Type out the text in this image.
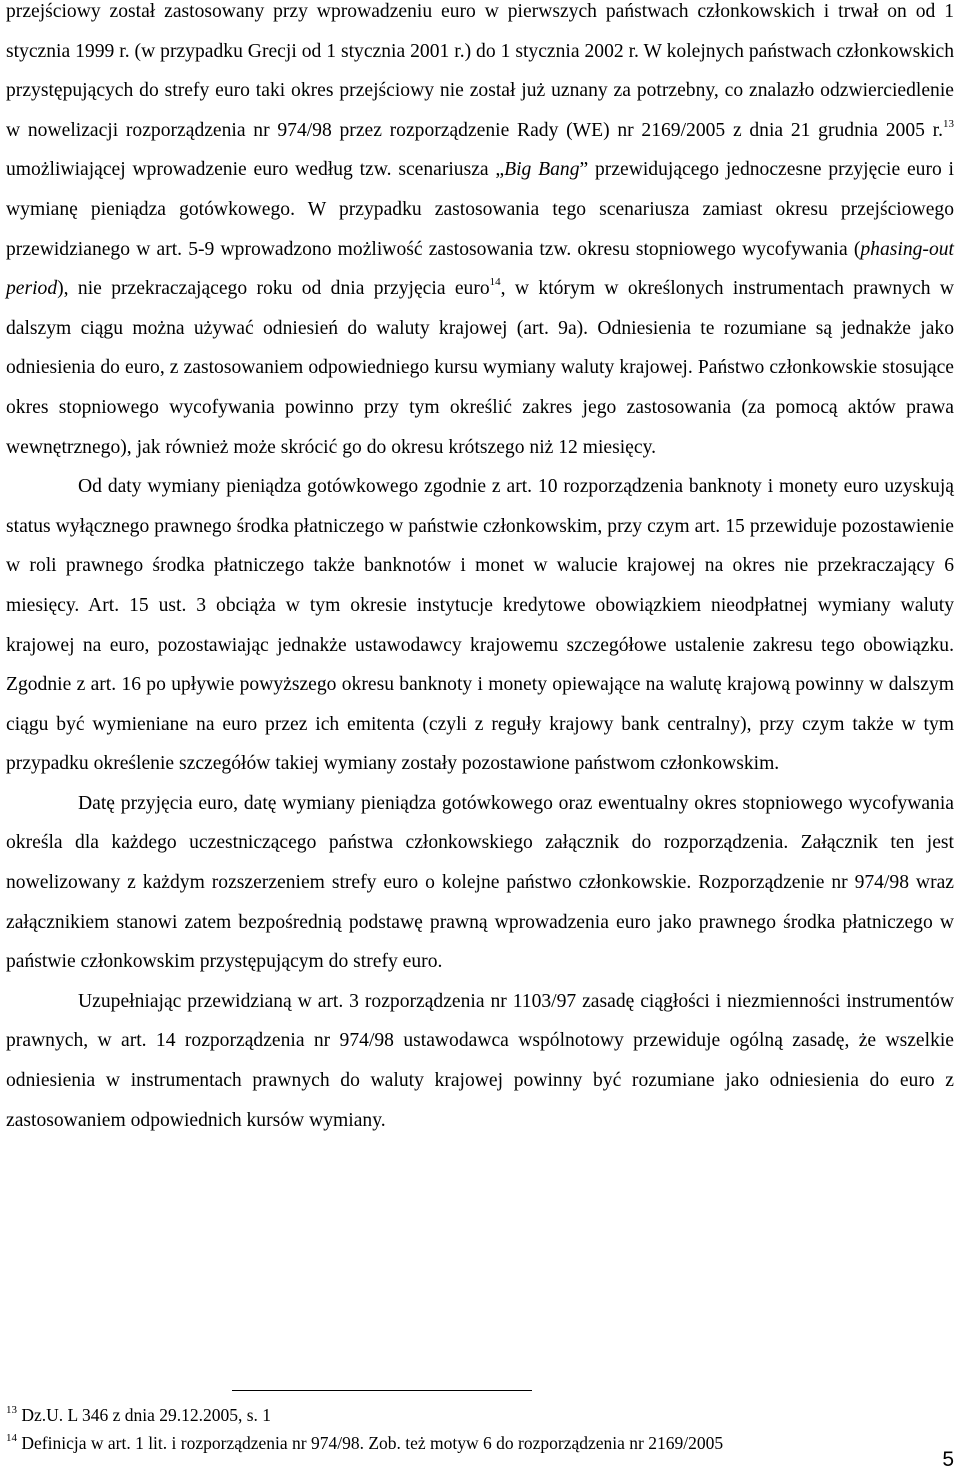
przejściowy został zastosowany przy wprowadzeniu euro w pierwszych państwach członkowskich i trwał on od 1 stycznia 1999 r. (w przypadku Grecji od 1 stycznia 2001 r.) do 1 stycznia 2002 r. W kolejnych państwach członkowskich przystępujących do strefy euro taki okres przejściowy nie został już uznany za potrzebny, co znalazło odzwierciedlenie w nowelizacji rozporządzenia nr 974/98 przez rozporządzenie Rady (WE) nr 2169/2005 z dnia 21 grudnia 2005 r.$^{13}$ umożliwiającej wprowadzenie euro według tzw. scenariusza „Big Bang” przewidującego jednoczesne przyjęcie euro i wymianę pieniądza gotówkowego. W przypadku zastosowania tego scenariusza zamiast okresu przejściowego przewidzianego w art. 5-9 wprowadzono możliwość zastosowania tzw. okresu stopniowego wycofywania (phasing-out period), nie przekraczającego roku od dnia przyjęcia euro$^{14}$, w którym w określonych instrumentach prawnych w dalszym ciągu można używać odniesień do waluty krajowej (art. 9a). Odniesienia te rozumiane są jednakże jako odniesienia do euro, z zastosowaniem odpowiedniego kursu wymiany waluty krajowej. Państwo członkowskie stosujące okres stopniowego wycofywania powinno przy tym określić zakres jego zastosowania (za pomocą aktów prawa wewnętrznego), jak również może skrócić go do okresu krótszego niż 12 miesięcy.

Od daty wymiany pieniądza gotówkowego zgodnie z art. 10 rozporządzenia banknoty i monety euro uzyskują status wyłącznego prawnego środka płatniczego w państwie członkowskim, przy czym art. 15 przewiduje pozostawienie w roli prawnego środka płatniczego także banknotów i monet w walucie krajowej na okres nie przekraczający 6 miesięcy. Art. 15 ust. 3 obciąża w tym okresie instytucje kredytowe obowiązkiem nieodpłatnej wymiany waluty krajowej na euro, pozostawiając jednakże ustawodawcy krajowemu szczegółowe ustalenie zakresu tego obowiązku. Zgodnie z art. 16 po upływie powyższego okresu banknoty i monety opiewające na walutę krajową powinny w dalszym ciągu być wymieniane na euro przez ich emitenta (czyli z reguły krajowy bank centralny), przy czym także w tym przypadku określenie szczegółów takiej wymiany zostały pozostawione państwom członkowskim.

Datę przyjęcia euro, datę wymiany pieniądza gotówkowego oraz ewentualny okres stopniowego wycofywania określa dla każdego uczestniczącego państwa członkowskiego załącznik do rozporządzenia. Załącznik ten jest nowelizowany z każdym rozszerzeniem strefy euro o kolejne państwo członkowskie. Rozporządzenie nr 974/98 wraz załącznikiem stanowi zatem bezpośrednią podstawę prawną wprowadzenia euro jako prawnego środka płatniczego w państwie członkowskim przystępującym do strefy euro.

Uzupełniając przewidzianą w art. 3 rozporządzenia nr 1103/97 zasadę ciągłości i niezmienności instrumentów prawnych, w art. 14 rozporządzenia nr 974/98 ustawodawca wspólnotowy przewiduje ogólną zasadę, że wszelkie odniesienia w instrumentach prawnych do waluty krajowej powinny być rozumiane jako odniesienia do euro z zastosowaniem odpowiednich kursów wymiany.

$^{13}$ Dz.U. L 346 z dnia 29.12.2005, s. 1
$^{14}$ Definicja w art. 1 lit. i rozporządzenia nr 974/98. Zob. też motyw 6 do rozporządzenia nr 2169/2005
5
